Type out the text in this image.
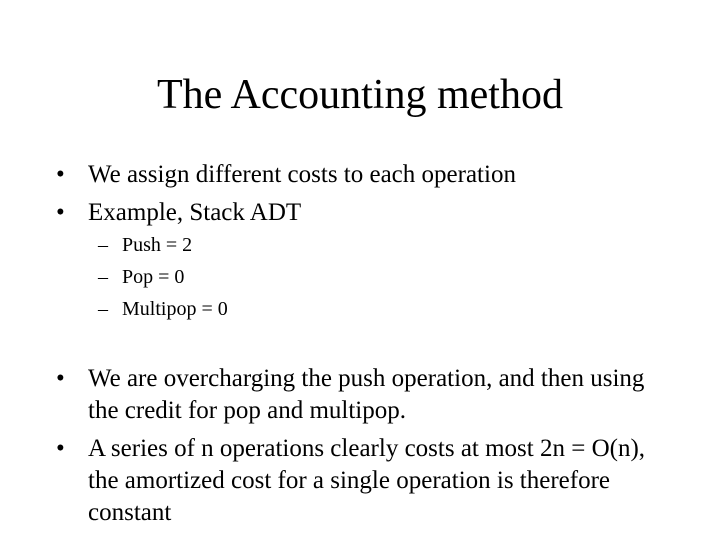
The Accounting method
• We assign different costs to each operation
• Example, Stack ADT
– Push = 2
– Pop = 0
– Multipop = 0
• We are overcharging the push operation, and then using the credit for pop and multipop.
• A series of n operations clearly costs at most 2n = O(n), the amortized cost for a single operation is therefore constant
